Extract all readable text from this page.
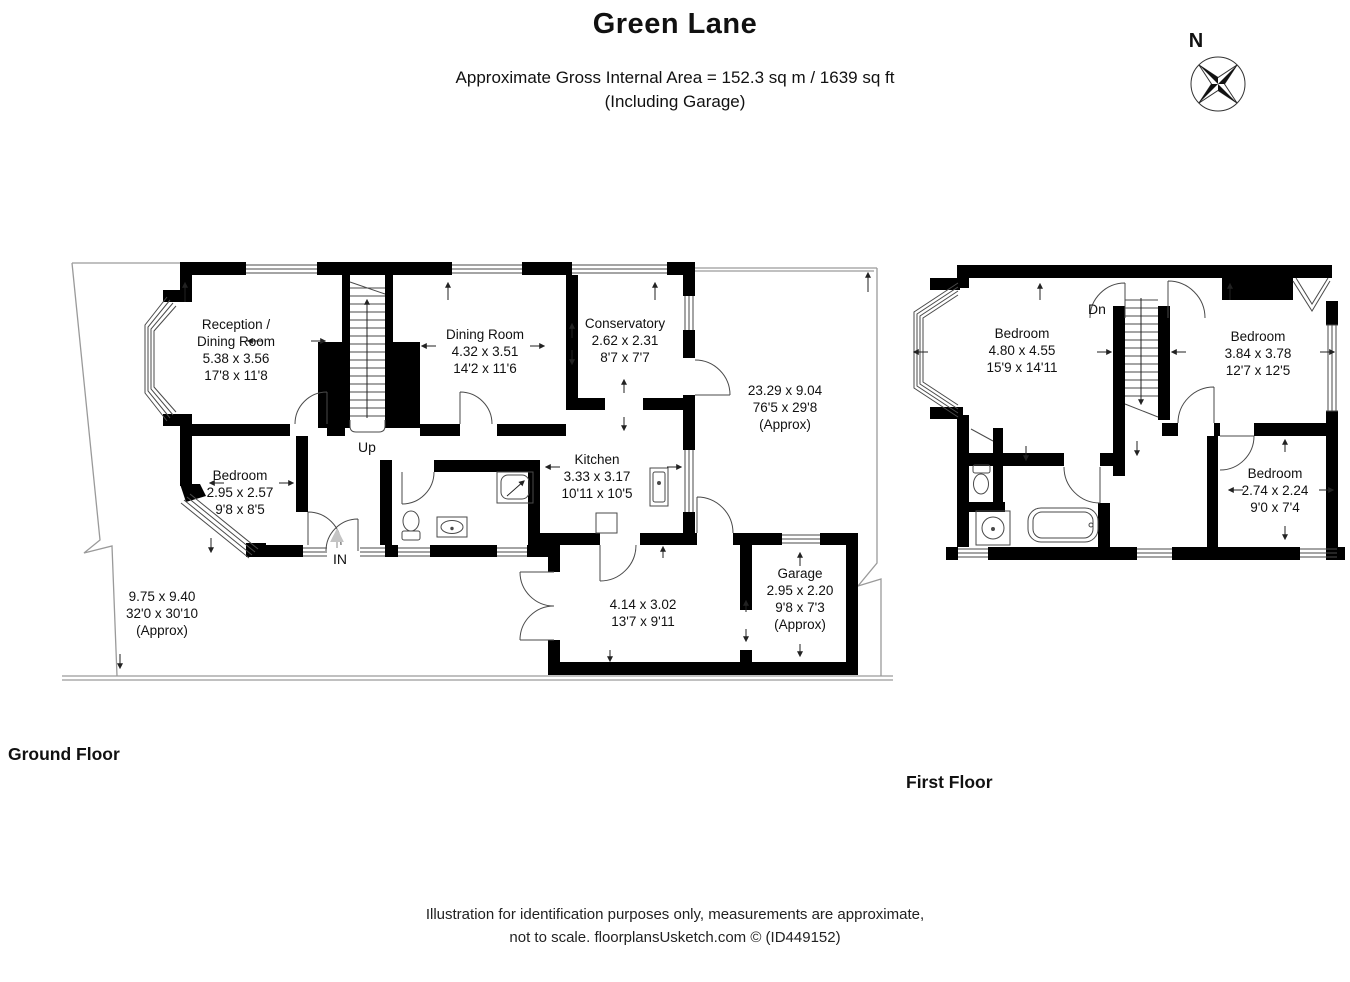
Green Lane
Approximate Gross Internal Area = 152.3 sq m / 1639 sq ft
(Including Garage)
N
Reception /
Dining Room
5.38 x 3.56
17'8 x 11'8
Dining Room
4.32 x 3.51
14'2 x 11'6
Conservatory
2.62 x 2.31
8'7 x 7'7
23.29 x 9.04
76'5 x 29'8
(Approx)
Bedroom
2.95 x 2.57
9'8 x 8'5
Kitchen
3.33 x 3.17
10'11 x 10'5
9.75 x 9.40
32'0 x 30'10
(Approx)
4.14 x 3.02
13'7 x 9'11
Garage
2.95 x 2.20
9'8 x 7'3
(Approx)
Bedroom
4.80 x 4.55
15'9 x 14'11
Bedroom
3.84 x 3.78
12'7 x 12'5
Bedroom
2.74 x 2.24
9'0 x 7'4
Up
IN
Dn
Ground Floor
First Floor
Illustration for identification purposes only, measurements are approximate,
not to scale. floorplansUsketch.com © (ID449152)
